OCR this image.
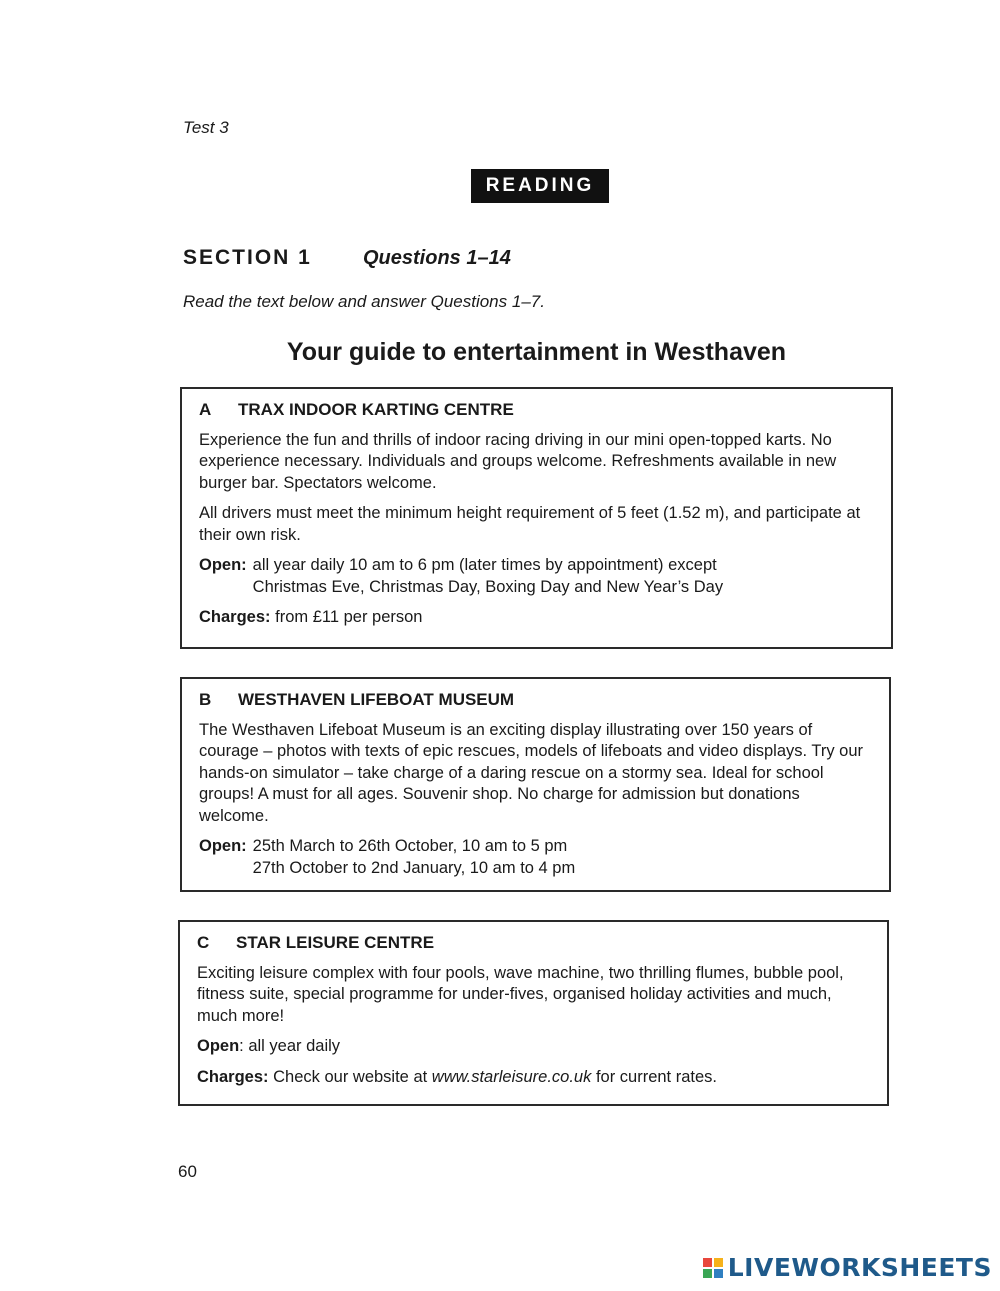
Test 3
READING
SECTION 1	Questions 1–14
Read the text below and answer Questions 1–7.
Your guide to entertainment in Westhaven
A	TRAX INDOOR KARTING CENTRE

Experience the fun and thrills of indoor racing driving in our mini open-topped karts. No experience necessary. Individuals and groups welcome. Refreshments available in new burger bar. Spectators welcome.

All drivers must meet the minimum height requirement of 5 feet (1.52 m), and participate at their own risk.

Open: all year daily 10 am to 6 pm (later times by appointment) except
Christmas Eve, Christmas Day, Boxing Day and New Year’s Day
Charges: from £11 per person
B	WESTHAVEN LIFEBOAT MUSEUM

The Westhaven Lifeboat Museum is an exciting display illustrating over 150 years of courage – photos with texts of epic rescues, models of lifeboats and video displays. Try our hands-on simulator – take charge of a daring rescue on a stormy sea. Ideal for school groups! A must for all ages. Souvenir shop. No charge for admission but donations welcome.

Open: 25th March to 26th October, 10 am to 5 pm
27th October to 2nd January, 10 am to 4 pm
C	STAR LEISURE CENTRE

Exciting leisure complex with four pools, wave machine, two thrilling flumes, bubble pool, fitness suite, special programme for under-fives, organised holiday activities and much, much more!

Open: all year daily

Charges: Check our website at www.starleisure.co.uk for current rates.
60
LIVEWORKSHEETS
